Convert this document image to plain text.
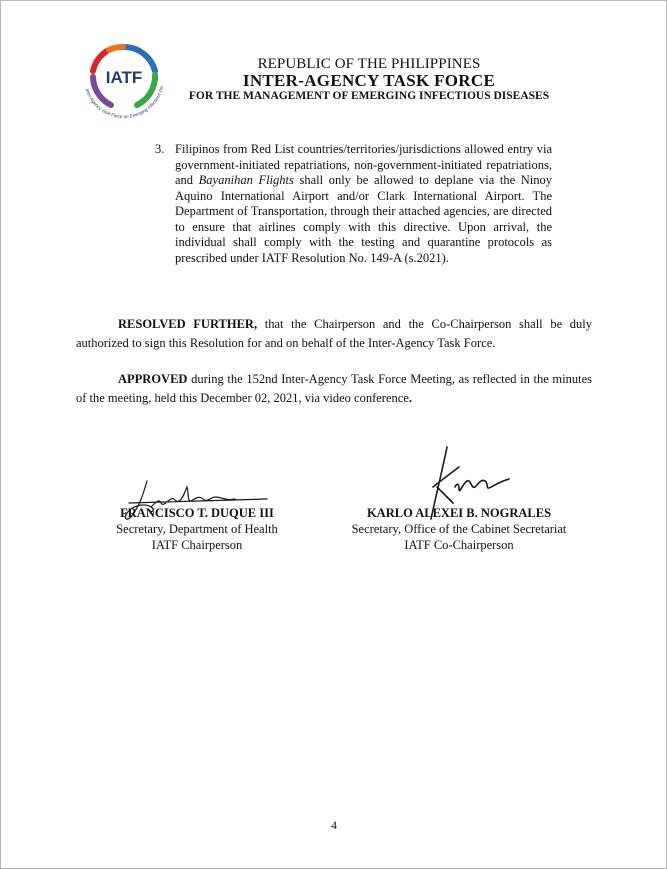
IATF
Inter-Agency Task Force on Emerging Infectious Dis
REPUBLIC OF THE PHILIPPINES
INTER-AGENCY TASK FORCE
FOR THE MANAGEMENT OF EMERGING INFECTIOUS DISEASES
3. Filipinos from Red List countries/territories/jurisdictions allowed entry via government-initiated repatriations, non-government-initiated repatriations, and Bayanihan Flights shall only be allowed to deplane via the Ninoy Aquino International Airport and/or Clark International Airport. The Department of Transportation, through their attached agencies, are directed to ensure that airlines comply with this directive. Upon arrival, the individual shall comply with the testing and quarantine protocols as prescribed under IATF Resolution No. 149-A (s.2021).
RESOLVED FURTHER, that the Chairperson and the Co-Chairperson shall be duly authorized to sign this Resolution for and on behalf of the Inter-Agency Task Force.
APPROVED during the 152nd Inter-Agency Task Force Meeting, as reflected in the minutes of the meeting, held this December 02, 2021, via video conference.
FRANCISCO T. DUQUE III
Secretary, Department of Health
IATF Chairperson
KARLO ALEXEI B. NOGRALES
Secretary, Office of the Cabinet Secretariat
IATF Co-Chairperson
4
